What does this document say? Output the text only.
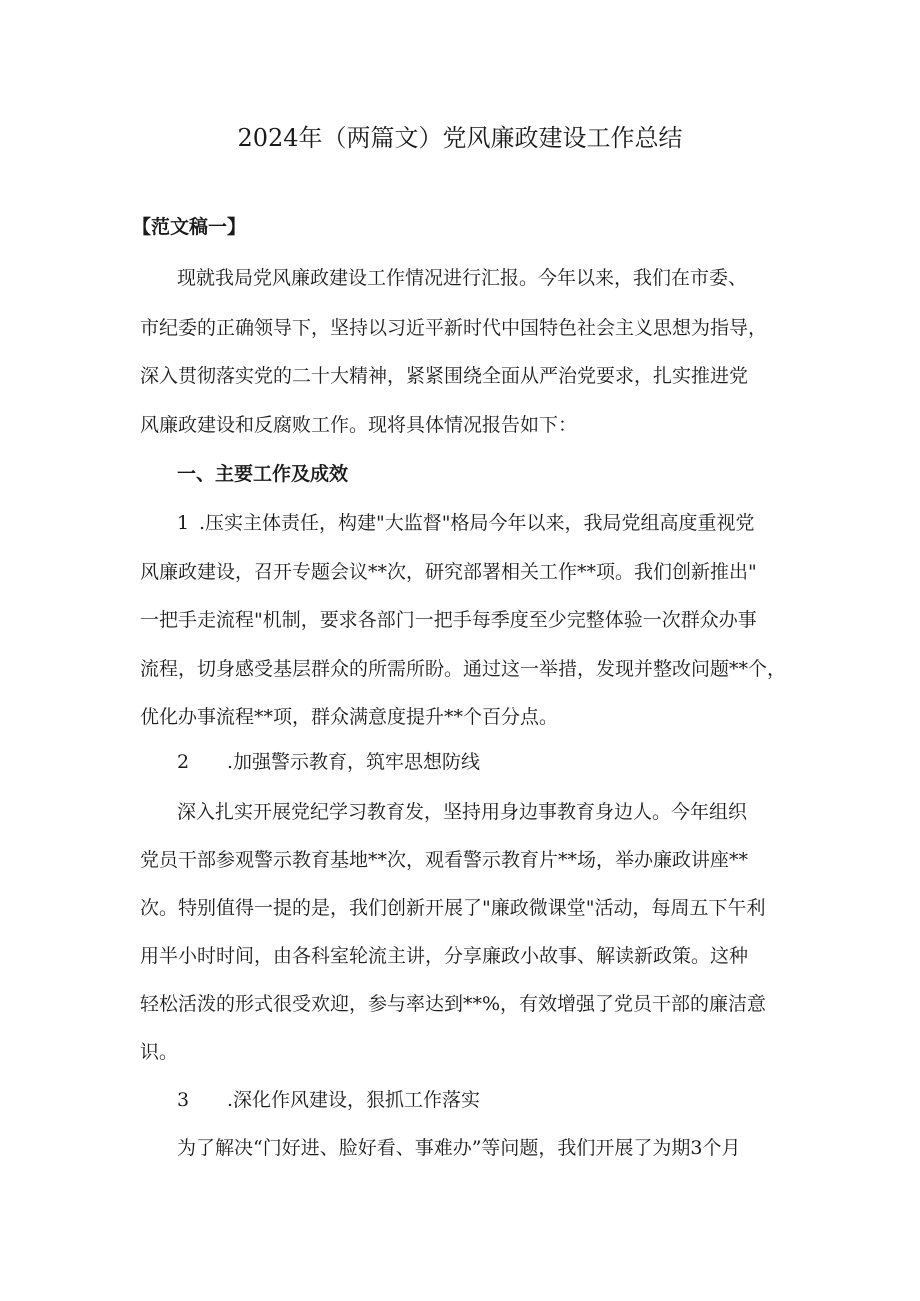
2024年（两篇文）党风廉政建设工作总结

【范文稿一】

现就我局党风廉政建设工作情况进行汇报。今年以来，我们在市委、

市纪委的正确领导下，坚持以习近平新时代中国特色社会主义思想为指导，

深入贯彻落实党的二十大精神，紧紧围绕全面从严治党要求，扎实推进党

风廉政建设和反腐败工作。现将具体情况报告如下：

一、主要工作及成效

1 .压实主体责任，构建"大监督"格局今年以来，我局党组高度重视党

风廉政建设，召开专题会议**次，研究部署相关工作**项。我们创新推出"

一把手走流程"机制，要求各部门一把手每季度至少完整体验一次群众办事

流程，切身感受基层群众的所需所盼。通过这一举措，发现并整改问题**个，

优化办事流程**项，群众满意度提升**个百分点。

2 .加强警示教育，筑牢思想防线

深入扎实开展党纪学习教育发，坚持用身边事教育身边人。今年组织

党员干部参观警示教育基地**次，观看警示教育片**场，举办廉政讲座**

次。特别值得一提的是，我们创新开展了"廉政微课堂"活动，每周五下午利

用半小时时间，由各科室轮流主讲，分享廉政小故事、解读新政策。这种

轻松活泼的形式很受欢迎，参与率达到**%，有效增强了党员干部的廉洁意

识。

3 .深化作风建设，狠抓工作落实

为了解决“门好进、脸好看、事难办”等问题，我们开展了为期3个月
